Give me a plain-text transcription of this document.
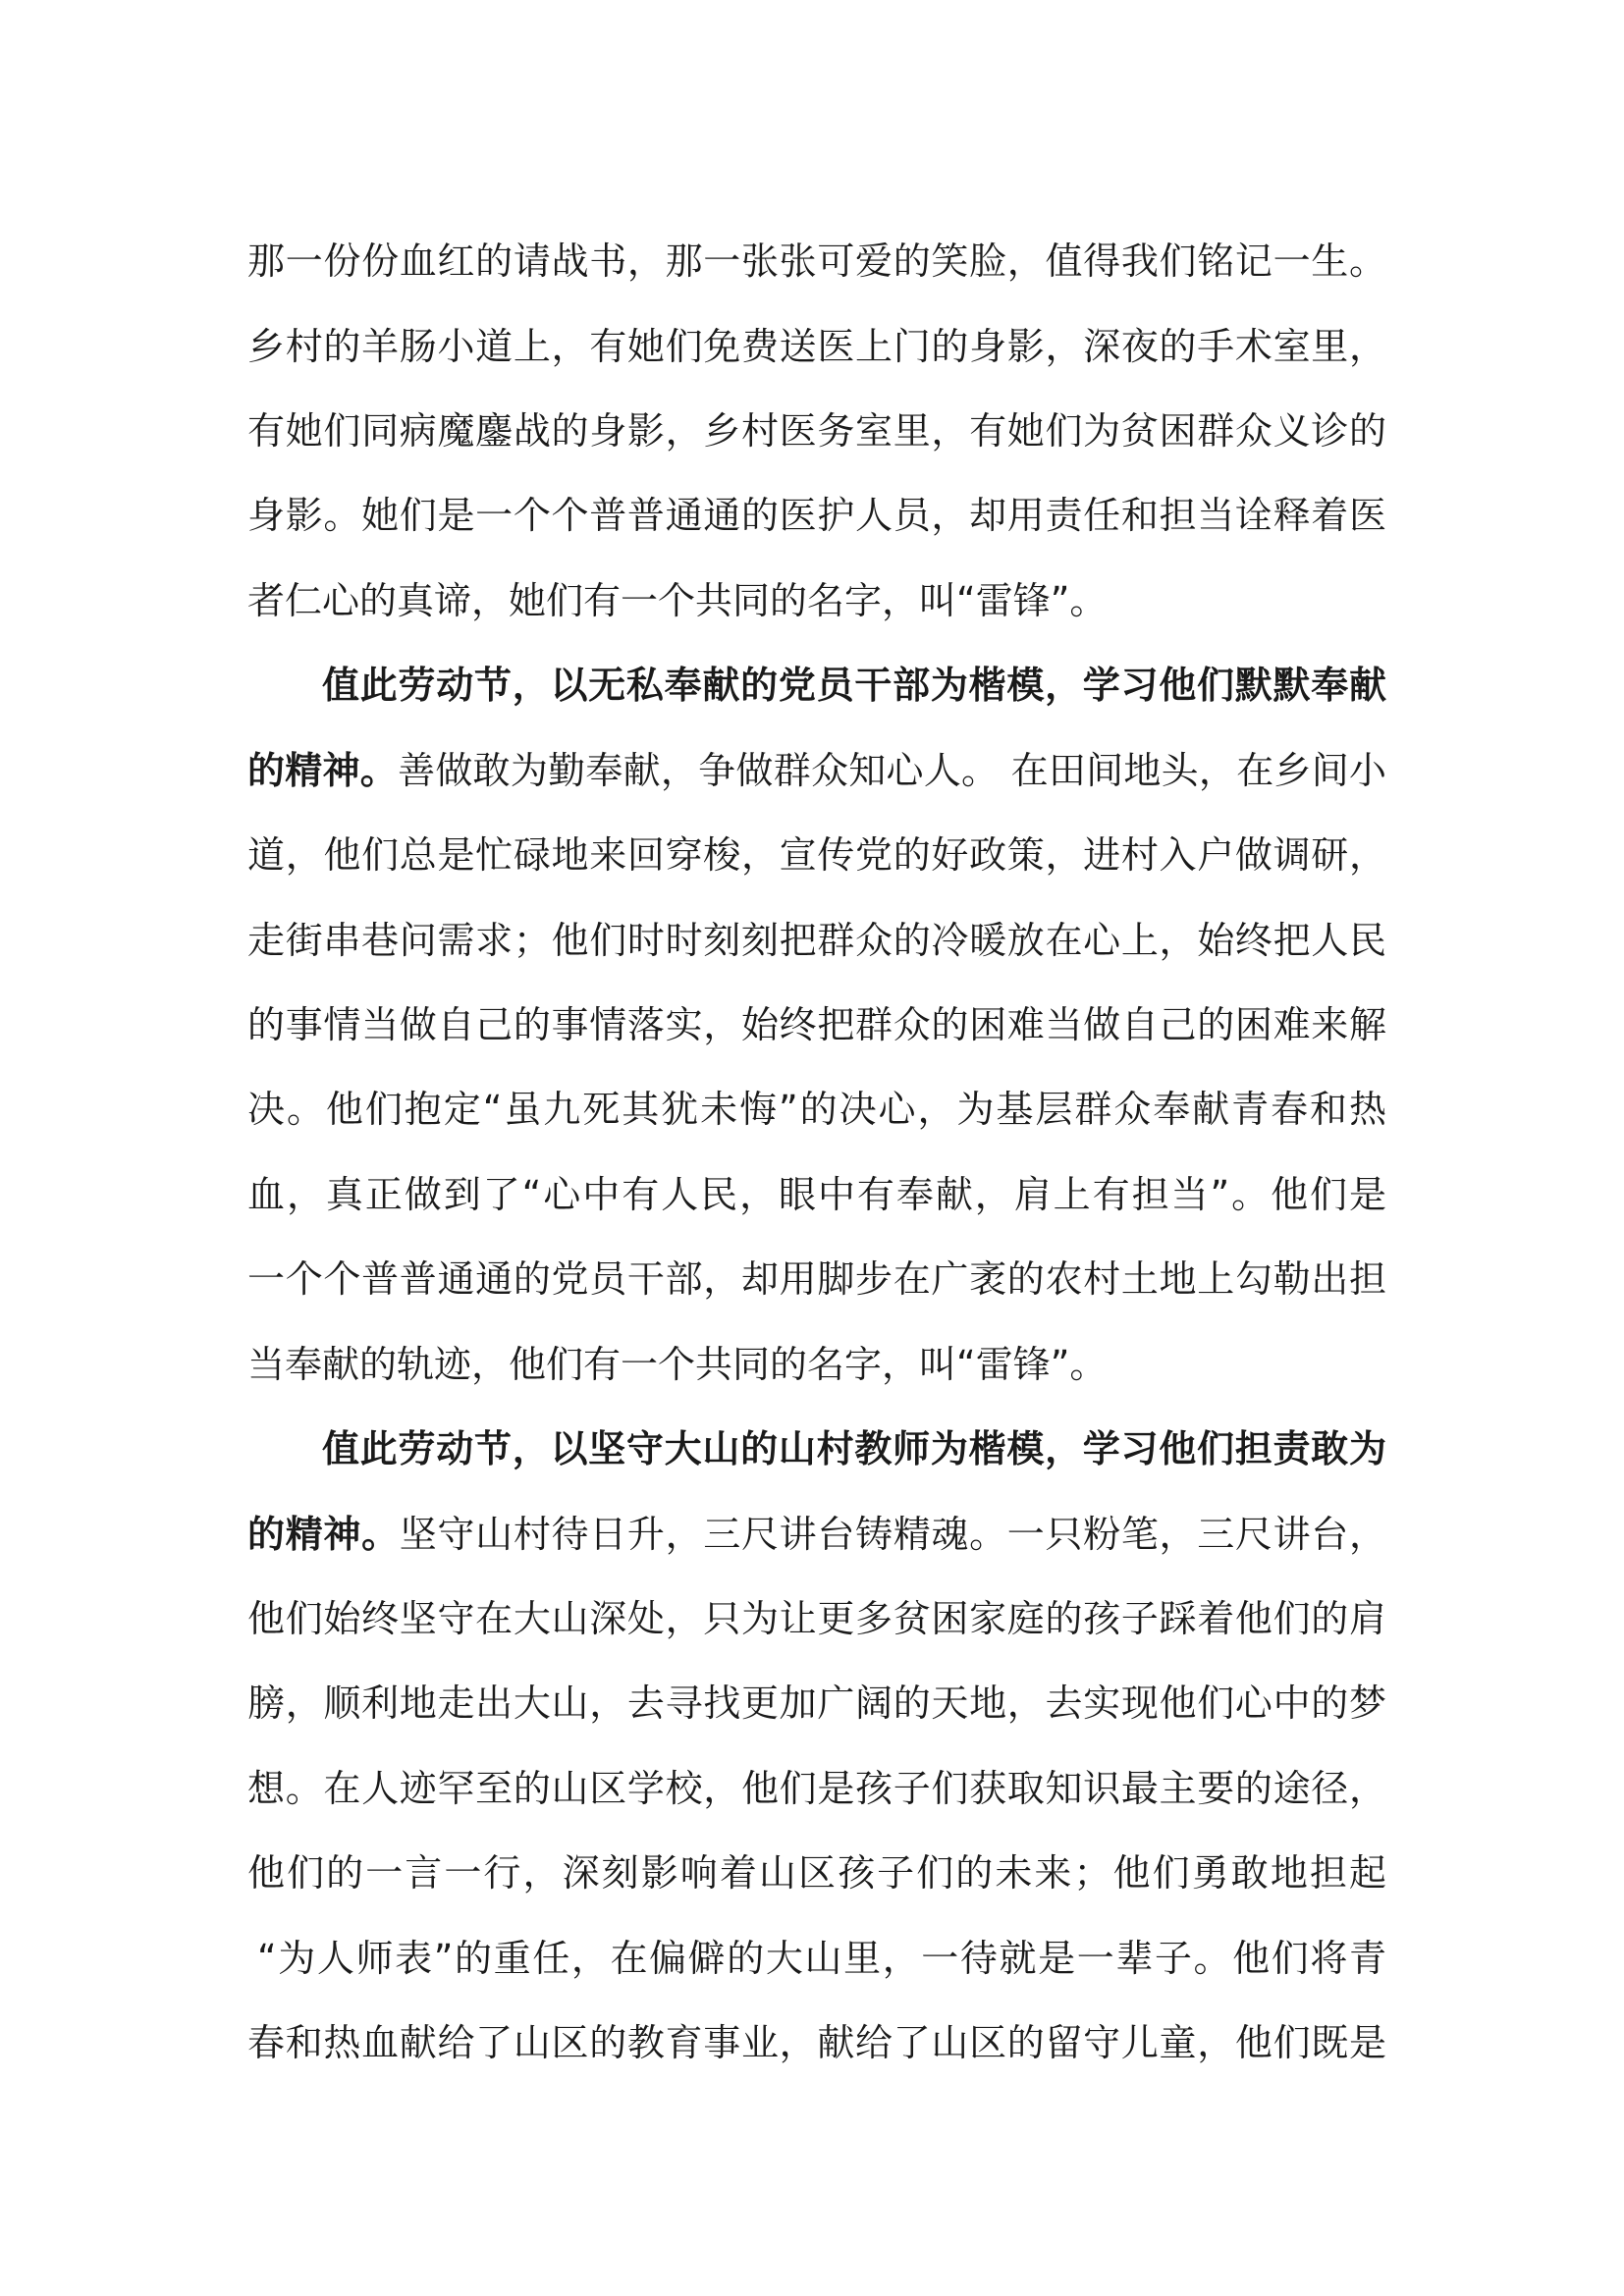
那一份份血红的请战书，那一张张可爱的笑脸，值得我们铭记一生。
乡村的羊肠小道上，有她们免费送医上门的身影，深夜的手术室里，
有她们同病魔鏖战的身影，乡村医务室里，有她们为贫困群众义诊的
身影。她们是一个个普普通通的医护人员，却用责任和担当诠释着医
者仁心的真谛，她们有一个共同的名字，叫“雷锋”。
值此劳动节，以无私奉献的党员干部为楷模，学习他们默默奉献
的精神。善做敢为勤奉献，争做群众知心人。 在田间地头，在乡间小
道，他们总是忙碌地来回穿梭，宣传党的好政策，进村入户做调研，
走街串巷问需求；他们时时刻刻把群众的冷暖放在心上，始终把人民
的事情当做自己的事情落实，始终把群众的困难当做自己的困难来解
决。他们抱定“虽九死其犹未悔”的决心，为基层群众奉献青春和热
血，真正做到了“心中有人民，眼中有奉献，肩上有担当”。他们是
一个个普普通通的党员干部，却用脚步在广袤的农村土地上勾勒出担
当奉献的轨迹，他们有一个共同的名字，叫“雷锋”。
值此劳动节，以坚守大山的山村教师为楷模，学习他们担责敢为
的精神。坚守山村待日升，三尺讲台铸精魂。一只粉笔，三尺讲台，
他们始终坚守在大山深处，只为让更多贫困家庭的孩子踩着他们的肩
膀，顺利地走出大山，去寻找更加广阔的天地，去实现他们心中的梦
想。在人迹罕至的山区学校，他们是孩子们获取知识最主要的途径，
他们的一言一行，深刻影响着山区孩子们的未来；他们勇敢地担起
“为人师表”的重任，在偏僻的大山里，一待就是一辈子。他们将青
春和热血献给了山区的教育事业，献给了山区的留守儿童，他们既是
